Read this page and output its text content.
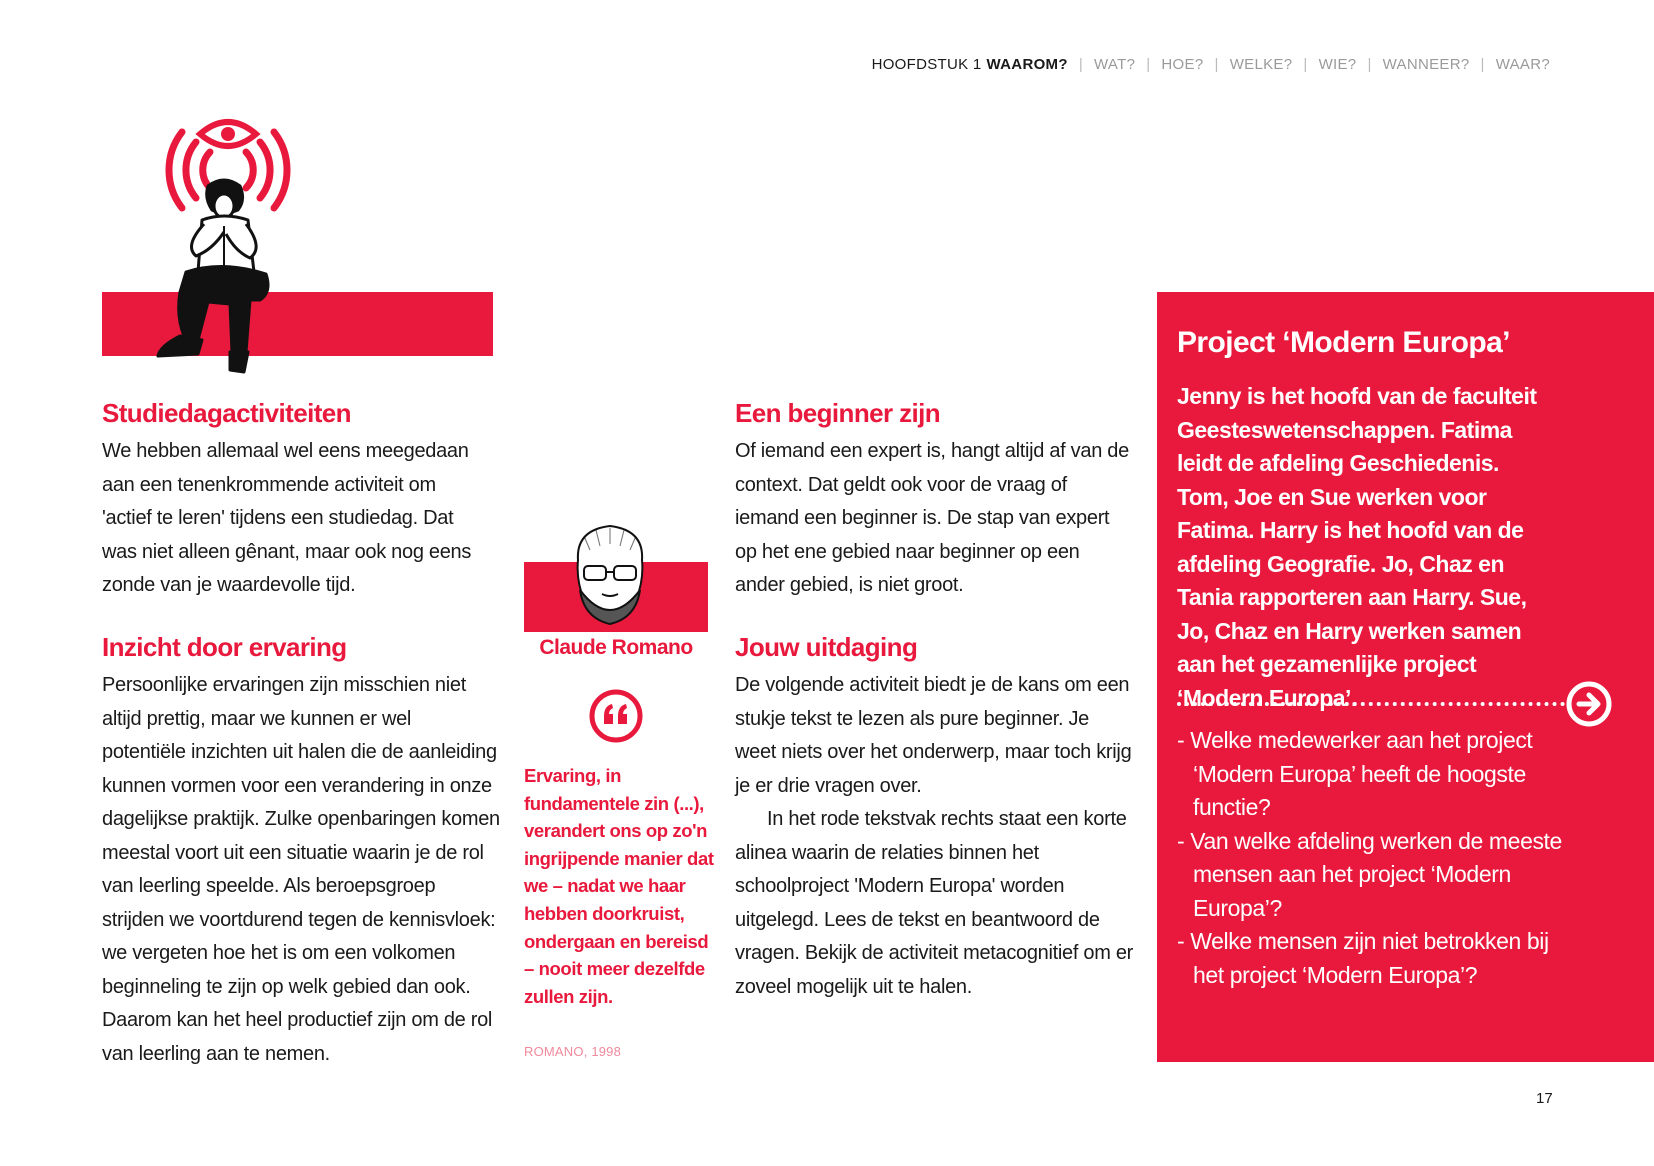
HOOFDSTUK 1 WAAROM? | WAT? | HOE? | WELKE? | WIE? | WANNEER? | WAAR?
Studiedagactiviteiten

We hebben allemaal wel eens meegedaan aan een tenenkrommende activiteit om 'actief te leren' tijdens een studiedag. Dat was niet alleen gênant, maar ook nog eens zonde van je waardevolle tijd.

Inzicht door ervaring

Persoonlijke ervaringen zijn misschien niet altijd prettig, maar we kunnen er wel potentiële inzichten uit halen die de aanleiding kunnen vormen voor een verandering in onze dagelijkse praktijk. Zulke openbaringen komen meestal voort uit een situatie waarin je de rol van leerling speelde. Als beroepsgroep strijden we voortdurend tegen de kennisvloek: we vergeten hoe het is om een volkomen beginneling te zijn op welk gebied dan ook. Daarom kan het heel productief zijn om de rol van leerling aan te nemen.

Claude Romano

Ervaring, in fundamentele zin (...), verandert ons op zo'n ingrijpende manier dat we – nadat we haar hebben doorkruist, ondergaan en bereisd – nooit meer dezelfde zullen zijn.

ROMANO, 1998
Een beginner zijn

Of iemand een expert is, hangt altijd af van de context. Dat geldt ook voor de vraag of iemand een beginner is. De stap van expert op het ene gebied naar beginner op een ander gebied, is niet groot.

Jouw uitdaging
De volgende activiteit biedt je de kans om een stukje tekst te lezen als pure beginner. Je weet niets over het onderwerp, maar toch krijg je er drie vragen over.
In het rode tekstvak rechts staat een korte alinea waarin de relaties binnen het schoolproject 'Modern Europa' worden uitgelegd. Lees de tekst en beantwoord de vragen. Bekijk de activiteit metacognitief om er zoveel mogelijk uit te halen.
Project ‘Modern Europa’

Jenny is het hoofd van de faculteit Geesteswetenschappen. Fatima leidt de afdeling Geschiedenis. Tom, Joe en Sue werken voor Fatima. Harry is het hoofd van de afdeling Geografie. Jo, Chaz en Tania rapporteren aan Harry. Sue, Jo, Chaz en Harry werken samen aan het gezamenlijke project ‘Modern Europa’.

- Welke medewerker aan het project ‘Modern Europa’ heeft de hoogste functie?
- Van welke afdeling werken de meeste mensen aan het project ‘Modern Europa’?
- Welke mensen zijn niet betrokken bij het project ‘Modern Europa’?
17
